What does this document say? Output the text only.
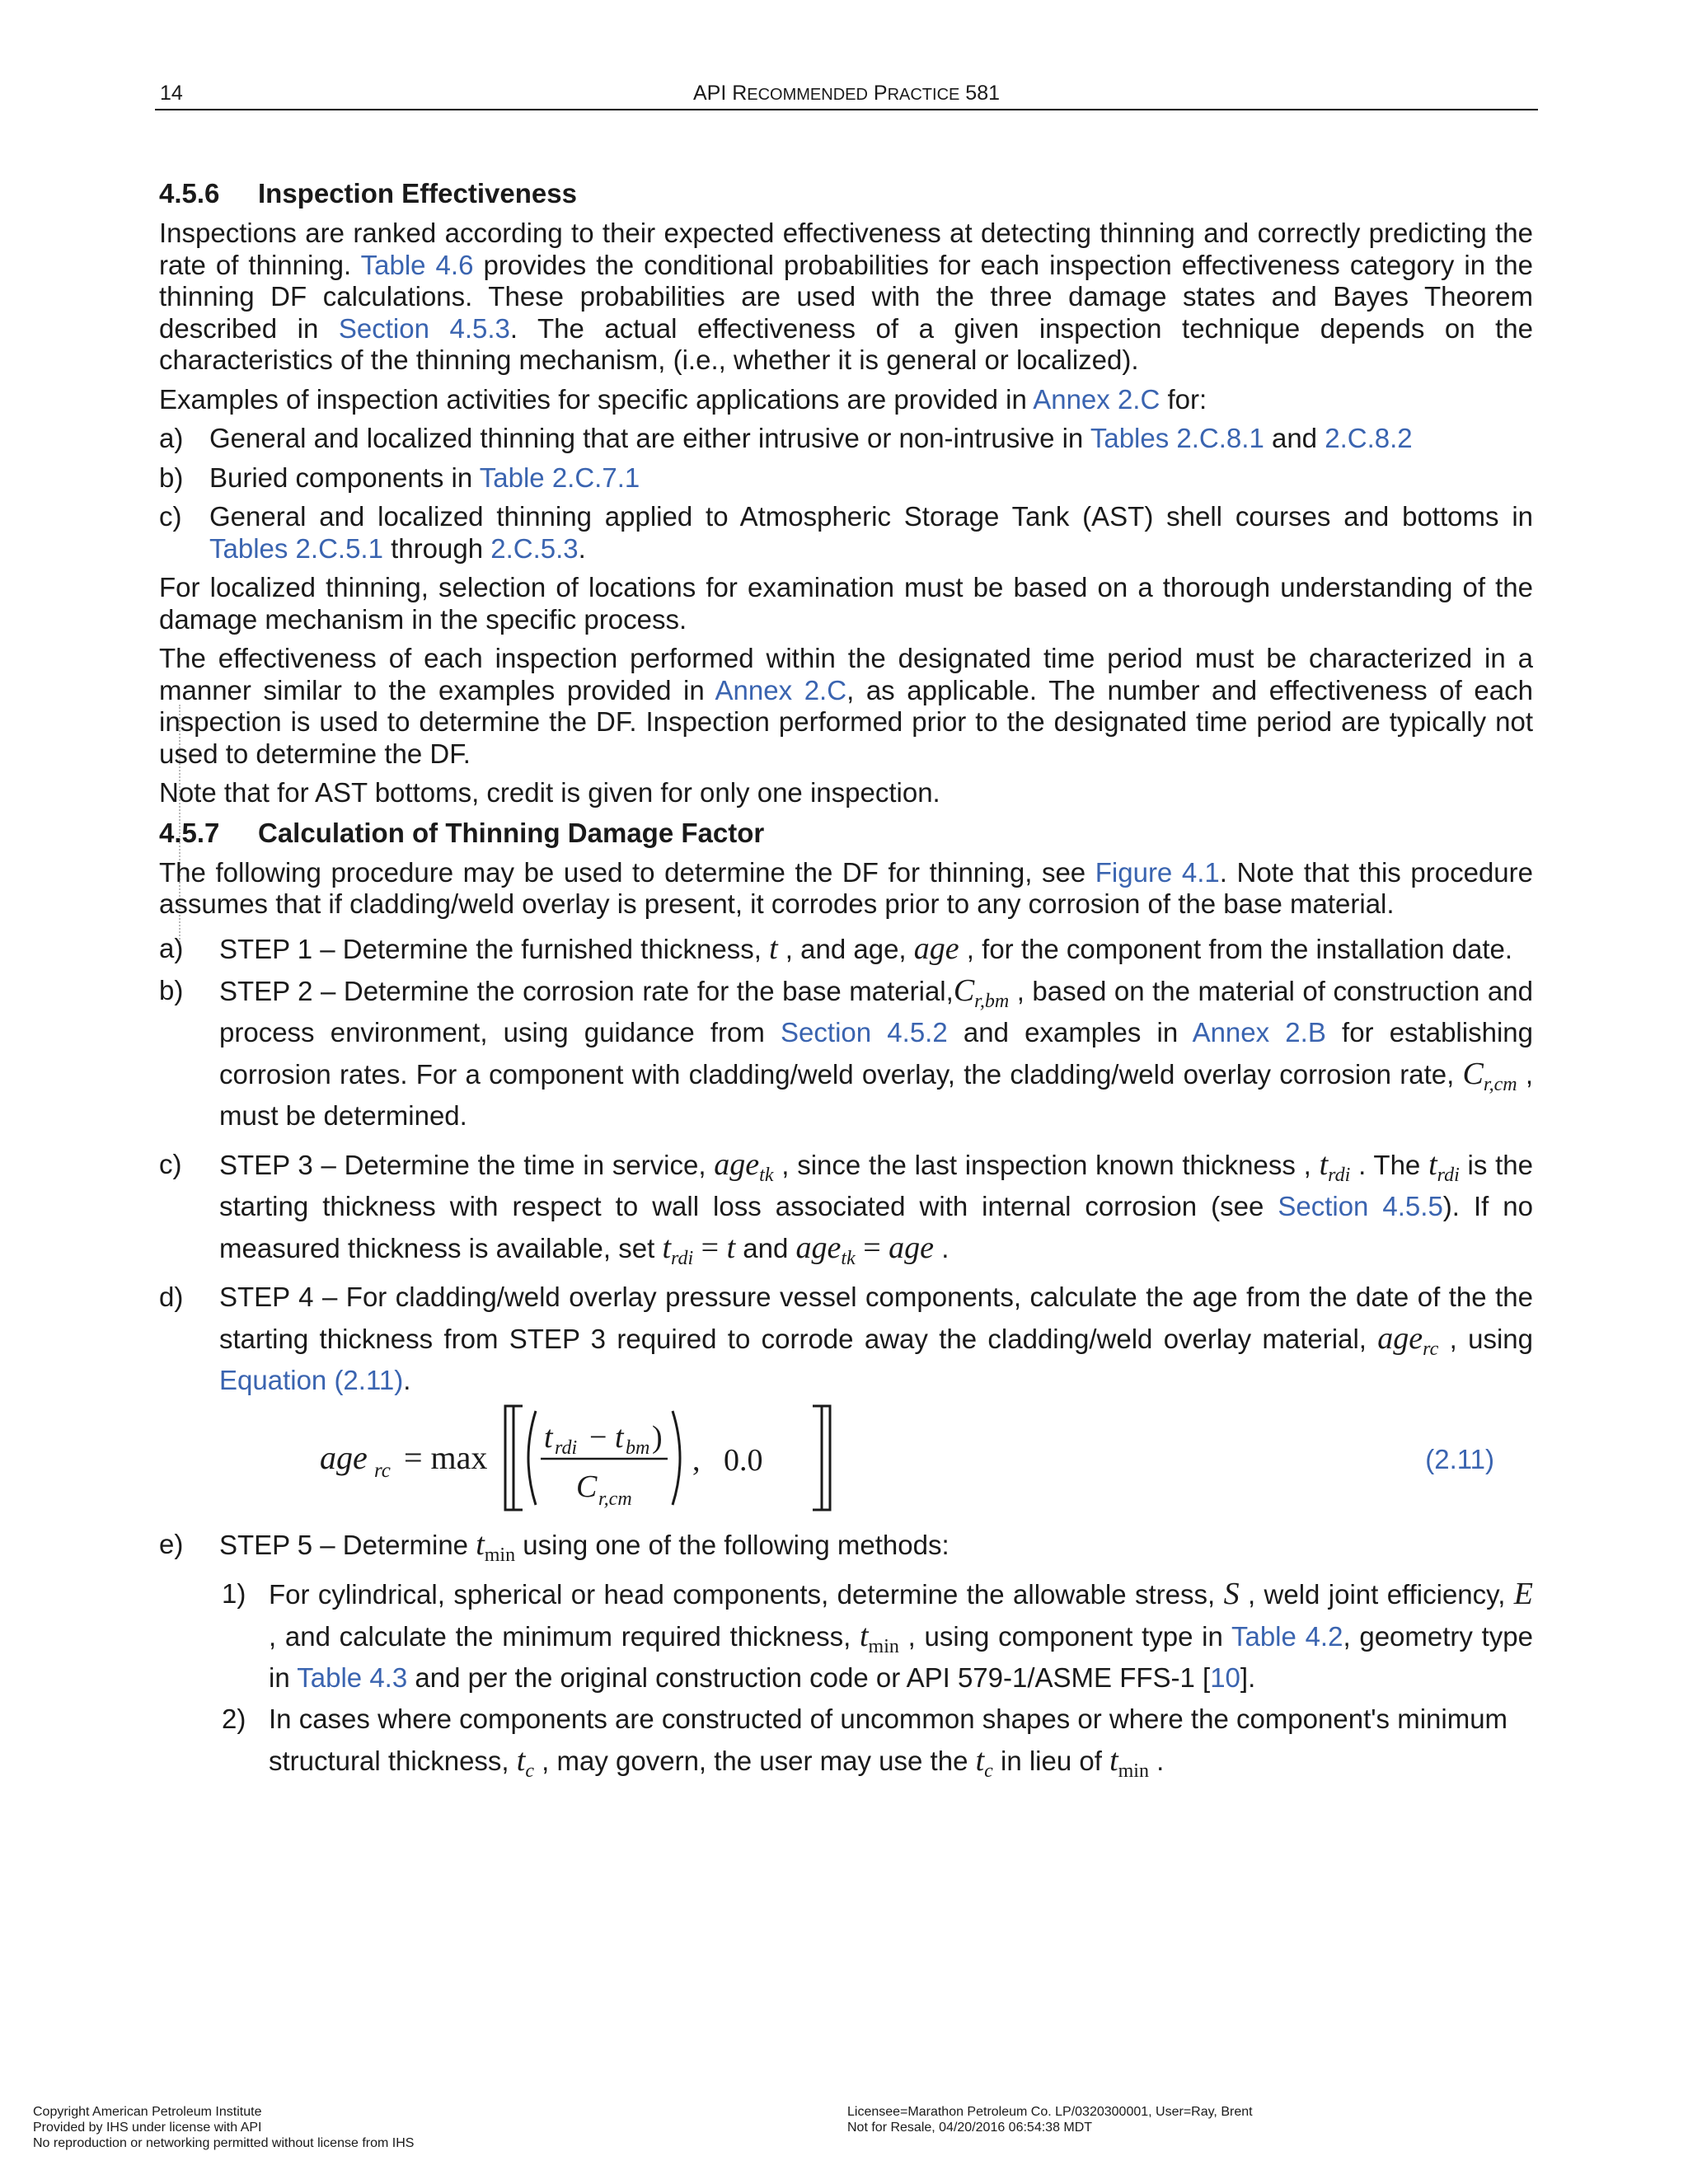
14	API RECOMMENDED PRACTICE 581
4.5.6 Inspection Effectiveness

Inspections are ranked according to their expected effectiveness at detecting thinning and correctly predicting the rate of thinning. Table 4.6 provides the conditional probabilities for each inspection effectiveness category in the thinning DF calculations. These probabilities are used with the three damage states and Bayes Theorem described in Section 4.5.3. The actual effectiveness of a given inspection technique depends on the characteristics of the thinning mechanism, (i.e., whether it is general or localized).

Examples of inspection activities for specific applications are provided in Annex 2.C for:

a) General and localized thinning that are either intrusive or non-intrusive in Tables 2.C.8.1 and 2.C.8.2

b) Buried components in Table 2.C.7.1

c) General and localized thinning applied to Atmospheric Storage Tank (AST) shell courses and bottoms in Tables 2.C.5.1 through 2.C.5.3.

For localized thinning, selection of locations for examination must be based on a thorough understanding of the damage mechanism in the specific process.

The effectiveness of each inspection performed within the designated time period must be characterized in a manner similar to the examples provided in Annex 2.C, as applicable. The number and effectiveness of each inspection is used to determine the DF. Inspection performed prior to the designated time period are typically not used to determine the DF.

Note that for AST bottoms, credit is given for only one inspection.

4.5.7 Calculation of Thinning Damage Factor

The following procedure may be used to determine the DF for thinning, see Figure 4.1. Note that this procedure assumes that if cladding/weld overlay is present, it corrodes prior to any corrosion of the base material.

a) STEP 1 – Determine the furnished thickness, t , and age, age , for the component from the installation date.

b) STEP 2 – Determine the corrosion rate for the base $material,C_{r,bm}$ , based on the material of construction and process environment, using guidance from Section 4.5.2 and examples in Annex 2.B for establishing corrosion rates. For a component with cladding/weld overlay, the cladding/weld overlay corrosion rate, $C_{r,cm}$ , must be determined.

c) STEP 3 – Determine the time in service, age$_{tk}$ , since the last inspection known thickness , $t_{rdi}$ . The $t_{rdi}$ is the starting thickness with respect to wall loss associated with internal corrosion (see Section 4.5.5). If no measured thickness is available, set $t_{rdi} = t$ and age$_{tk}$ = age .

d) STEP 4 – For cladding/weld overlay pressure vessel components, calculate the age from the date of the the starting thickness from STEP 3 required to corrode away the cladding/weld overlay material, age$_{rc}$ , using Equation (2.11).

age rc = max
t rdi − t bm )
C r,cm
,   0.0	(2.11)
e) STEP 5 – Determine $t_{min}$ using one of the following methods:

1) For cylindrical, spherical or head components, determine the allowable stress, S , weld joint efficiency, E , and calculate the minimum required thickness, $t_{min}$ , using component type in Table 4.2, geometry type in Table 4.3 and per the original construction code or API 579-1/ASME FFS-1 [10].

2) In cases where components are constructed of uncommon shapes or where the component's minimum structural thickness, $t_c$ , may govern, the user may use the $t_c$ in lieu of $t_{min}$ .

Copyright American Petroleum Institute
Provided by IHS under license with API
No reproduction or networking permitted without license from IHS
Licensee=Marathon Petroleum Co. LP/0320300001, User=Ray, Brent
Not for Resale, 04/20/2016 06:54:38 MDT
